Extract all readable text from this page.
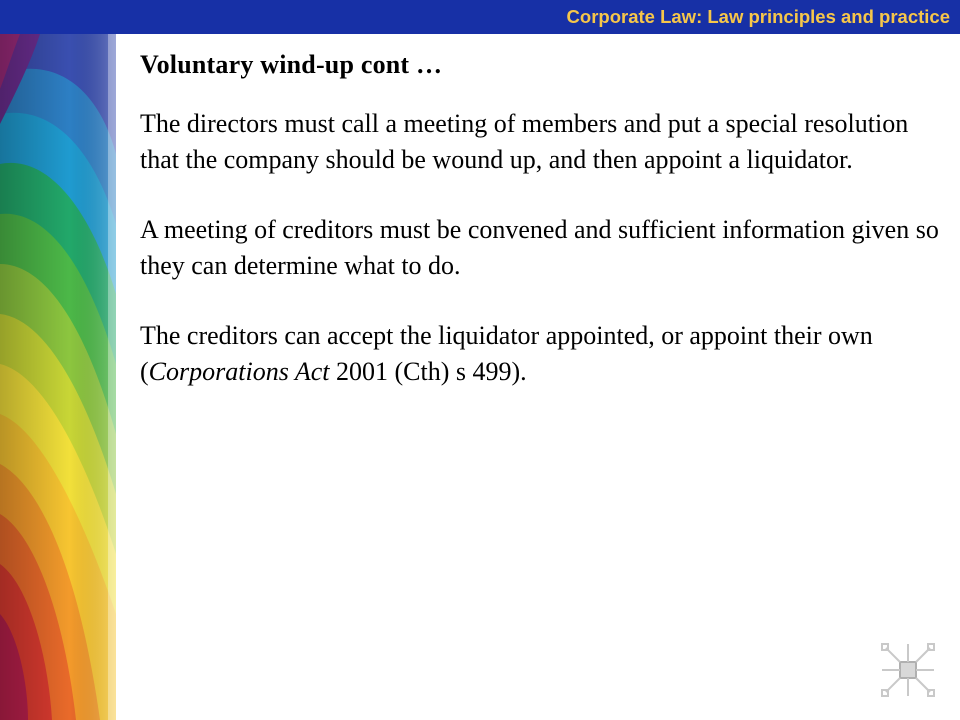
Corporate Law: Law principles and practice
Voluntary wind-up cont …

The directors must call a meeting of members and put a special resolution that the company should be wound up, and then appoint a liquidator.

A meeting of creditors must be convened and sufficient information given so they can determine what to do.

The creditors can accept the liquidator appointed, or appoint their own (Corporations Act 2001 (Cth) s 499).
